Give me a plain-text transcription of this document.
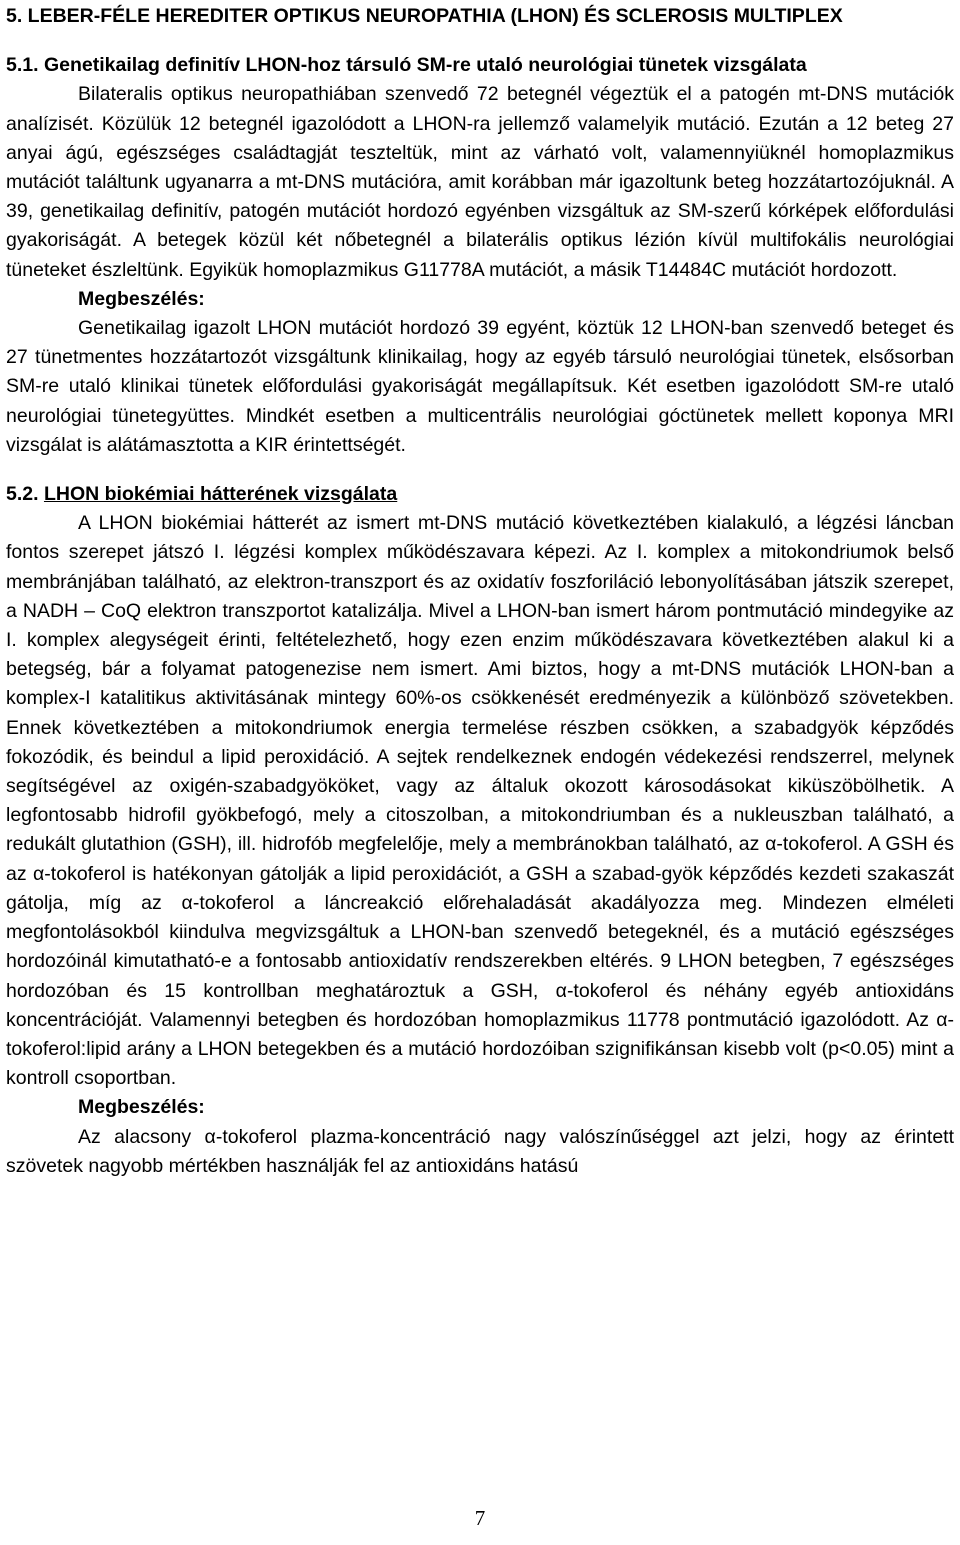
5. LEBER-FÉLE HEREDITER OPTIKUS NEUROPATHIA (LHON) ÉS SCLEROSIS MULTIPLEX
5.1. Genetikailag definitív LHON-hoz társuló SM-re utaló neurológiai tünetek vizsgálata

Bilateralis optikus neuropathiában szenvedő 72 betegnél végeztük el a patogén mt-DNS mutációk analízisét. Közülük 12 betegnél igazolódott a LHON-ra jellemző valamelyik mutáció. Ezután a 12 beteg 27 anyai ágú, egészséges családtagját teszteltük, mint az várható volt, valamennyiüknél homoplazmikus mutációt találtunk ugyanarra a mt-DNS mutációra, amit korábban már igazoltunk beteg hozzátartozójuknál. A 39, genetikailag definitív, patogén mutációt hordozó egyénben vizsgáltuk az SM-szerű kórképek előfordulási gyakoriságát. A betegek közül két nőbetegnél a bilaterális optikus lézión kívül multifokális neurológiai tüneteket észleltünk. Egyikük homoplazmikus G11778A mutációt, a másik T14484C mutációt hordozott.

Megbeszélés:

Genetikailag igazolt LHON mutációt hordozó 39 egyént, köztük 12 LHON-ban szenvedő beteget és 27 tünetmentes hozzátartozót vizsgáltunk klinikailag, hogy az egyéb társuló neurológiai tünetek, elsősorban SM-re utaló klinikai tünetek előfordulási gyakoriságát megállapítsuk. Két esetben igazolódott SM-re utaló neurológiai tünetegyüttes. Mindkét esetben a multicentrális neurológiai góctünetek mellett koponya MRI vizsgálat is alátámasztotta a KIR érintettségét.

5.2. LHON biokémiai hátterének vizsgálata

A LHON biokémiai hátterét az ismert mt-DNS mutáció következtében kialakuló, a légzési láncban fontos szerepet játszó I. légzési komplex működészavara képezi. Az I. komplex a mitokondriumok belső membránjában található, az elektron-transzport és az oxidatív foszforiláció lebonyolításában játszik szerepet, a NADH – CoQ elektron transzportot katalizálja. Mivel a LHON-ban ismert három pontmutáció mindegyike az I. komplex alegységeit érinti, feltételezhető, hogy ezen enzim működészavara következtében alakul ki a betegség, bár a folyamat patogenezise nem ismert. Ami biztos, hogy a mt-DNS mutációk LHON-ban a komplex-I katalitikus aktivitásának mintegy 60%-os csökkenését eredményezik a különböző szövetekben. Ennek következtében a mitokondriumok energia termelése részben csökken, a szabadgyök képződés fokozódik, és beindul a lipid peroxidáció. A sejtek rendelkeznek endogén védekezési rendszerrel, melynek segítségével az oxigén-szabadgyököket, vagy az általuk okozott károsodásokat kiküszöbölhetik. A legfontosabb hidrofil gyökbefogó, mely a citoszolban, a mitokondriumban és a nukleuszban található, a redukált glutathion (GSH), ill. hidrofób megfelelője, mely a membránokban található, az α-tokoferol. A GSH és az α-tokoferol is hatékonyan gátolják a lipid peroxidációt, a GSH a szabad-gyök képződés kezdeti szakaszát gátolja, míg az α-tokoferol a láncreakció előrehaladását akadályozza meg. Mindezen elméleti megfontolásokból kiindulva megvizsgáltuk a LHON-ban szenvedő betegeknél, és a mutáció egészséges hordozóinál kimutatható-e a fontosabb antioxidatív rendszerekben eltérés. 9 LHON betegben, 7 egészséges hordozóban és 15 kontrollban meghatároztuk a GSH, α-tokoferol és néhány egyéb antioxidáns koncentrációját. Valamennyi betegben és hordozóban homoplazmikus 11778 pontmutáció igazolódott. Az α-tokoferol:lipid arány a LHON betegekben és a mutáció hordozóiban szignifikánsan kisebb volt (p<0.05) mint a kontroll csoportban.

Megbeszélés:

Az alacsony α-tokoferol plazma-koncentráció nagy valószínűséggel azt jelzi, hogy az érintett szövetek nagyobb mértékben használják fel az antioxidáns hatású

7
